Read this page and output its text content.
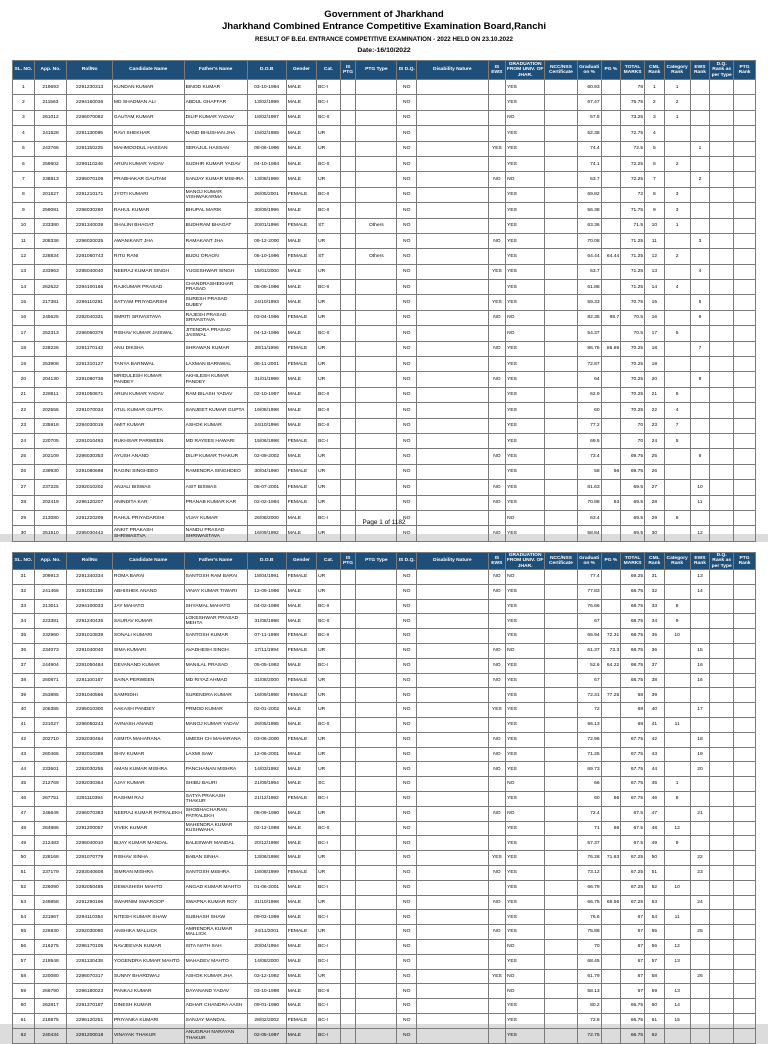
Government of Jharkhand
Jharkhand Combined Entrance Competitive Examination Board,Ranchi
RESULT OF B.Ed. ENTRANCE COMPETITIVE EXAMINATION - 2022 HELD ON 23.10.2022
Date:-16/10/2022
SL. NO.	App. No.	RollNo	Candidate Name	Father's Name	D.O.B	Gender	Cat.	IS PTG	PTG Type	IS D.Q.	Disability Nature	IS EWS	GRADUATION FROM UNIV. OF JHAR.	NCC/NSS Certificate	Graduati on %	PG %	TOTAL MARKS	CML Rank	Category Rank	EWS Rank	D.Q. Rank as per Type	PTG Rank
1	219693	2291230313	KUNDAN KUMAR	BINOD KUMAR	03-10-1994	MALE	BC-I			NO			YES		60.93		76	1	1			
2	211563	2294160036	MD SHADMAN ALI	ABDUL GHAFFAR	13/02/1999	MALE	BC-I			NO			YES		67.47		75.75	2	2			
3	261012	2296070082	GAUTAM KUMAR	DILIP KUMAR YADAV	18/02/1997	MALE	BC-II			NO			NO		57.5		73.25	3	1			
4	241528	2291130095	RAVI SHEKHAR	NAND BHUSHAN JHA	15/02/1989	MALE	UR			NO			YES		52.38		72.75	4				
5	243766	2291150225	MAHMOODUL HASSAN	SERAJUL HASSAN	08-06-1996	MALE	UR			NO		YES	YES		74.4		72.5	5		1		
6	259602	2296110246	ARUN KUMAR YADAV	SUDHIR KUMAR YADAV	04-10-1994	MALE	BC-II			NO			YES		74.1		72.25	6	2			
7	238813	2295070109	PRABHAKAR GAUTAM	SANJAY KUMAR MISHRA	13/08/1999	MALE	UR			NO		NO	NO		63.7		72.25	7		2		
8	201527	2291210171	JYOTI KUMARI	MANOJ KUMAR VISHWAKARMA	26/05/2001	FEMALE	BC-II			NO			YES		69.82		72	8	3			
9	259081	2296030260	RAHUL KUMAR	BHUPAL MARIK	30/09/1996	MALE	BC-II			NO			YES		56.38		71.75	9	3			
10	233380	2291340039	SHALINI BHAGAT	BUDHRAM BHAGAT	20/01/1996	FEMALE	ST		Others	NO			YES		63.36		71.5	10	1			
11	208336	2296020035	AWANIKANT JHA	RAMAKANT JHA	09-12-2000	MALE	UR			NO		NO	YES		70.08		71.25	11		3		
12	228834	2291060743	RITU RANI	BUDU ORAON	05-10-1996	FEMALE	ST		Others	NO			YES		64.44	64.44	71.25	12	2			
13	233963	2295040040	NEERAJ KUMAR SINGH	YUGESHWAR SINGH	15/01/2000	MALE	UR			NO		YES	YES		63.7		71.25	13		4		
14	262622	2294100166	RAJKUMAR PRASAD	CHANDRASHEKHAR PRASAD	05-09-1996	MALE	BC-II			NO			YES		61.88		71.25	14	4			
15	217381	2296110291	SATYAM PRIYADARSHI	SURESH PRASAD DUBEY	24/10/1993	MALE	UR			NO		YES	YES		59.33		70.75	15		5		
16	245625	2292040331	SMRITI SRIVASTAVA	RAJESH PRASAD SRIVASTAVA	03-04-1996	FEMALE	UR			NO		NO	NO		82.35	88.7	70.5	16		6		
17	252313	2296060376	RISHAV KUMAR JAISWAL	JITENDRA PRASAD JAISWAL	04-12-1996	MALE	BC-II			NO			NO		54.37		70.5	17	5			
18	228226	2291170143	ANU DIKSHA	SHRAWAN KUMAR	28/11/1996	FEMALE	UR			NO		NO	YES		86.75	86.69	70.25	18		7		
19	253908	2291310127	TANYA BARNWAL	LAXMAN BARNWAL	06-11-2001	FEMALE	UR			NO			YES		72.87		70.25	19				
20	204130	2291080738	MRIDULESH KUMAR PANDEY	AKHILESH KUMAR PANDEY	31/01/1999	MALE	UR			NO		NO	YES		64		70.25	20		8		
21	228611	2291050671	ARUN KUMAR YADAV	RAM BILASH YADAV	02-10-1997	MALE	BC-II			NO			YES		62.9		70.25	21	6			
22	202556	2291070034	ATUL KUMAR GUPTA	SANJEET KUMAR GUPTA	19/08/1998	MALE	BC-II			NO			YES		60		70.25	22	4			
23	235918	2294030019	AMIT KUMAR	ASHOK KUMAR	24/10/1996	MALE	BC-II			NO			YES		77.2		70	23	7			
24	220705	2291010493	RUKHSAR PARWEEN	MD RAYEES HAWARI	15/06/1998	FEMALE	BC-I			NO			YES		69.5		70	24	5			
25	202109	2296030353	AYUSH ANAND	DILIP KUMAR THAKUR	02-09-2002	MALE	UR			NO		NO	YES		73.4		69.75	25		9		
26	239930	2291080698	RAGINI SINGHDEO	RAMENDRA SINGHDEO	30/04/1990	FEMALE	UR			NO			YES		58	66	69.75	26				
27	237225	2292010202	ANJALI BISWAS	ASIT BISWAS	05-07-2001	FEMALE	UR			NO		NO	YES		81.63		69.5	27		10		
28	202419	2296120207	ANINDITA KAR	PRANAB KUMAR KAR	02-02-1994	FEMALE	UR			NO		NO	YES		70.88	63	69.5	28		11		
29	213080	2291220209	RAHUL PRIYADARSHI	VIJAY KUMAR	26/08/2000	MALE	BC-I			NO			NO		63.4		69.5	29	6			
30	251510	2295030442	ANKIT PRAKASH SHRIWASTVA	NANDU PRASAD SHRIWASTAVA	16/09/1992	MALE	UR			NO		NO	YES		58.84		69.5	30		12		
Page 1 of 1182
SL. NO.	App. No.	RollNo	Candidate Name	Father's Name	D.O.B	Gender	Cat.	IS PTG	PTG Type	IS D.Q.	Disability Nature	IS EWS	GRADUATION FROM UNIV. OF JHAR.	NCC/NSS Certificate	Graduati on %	PG %	TOTAL MARKS	CML Rank	Category Rank	EWS Rank	D.Q. Rank as per Type	PTG Rank
31	209913	2291340334	ROMA BARAI	SANTOSH RAM BARAI	18/04/1991	FEMALE	UR			NO		NO	NO		77.4		69.25	31		13		
32	241466	2291031159	ABHISHEK ANAND	VINAY KUMAR TIWARI	12-09-1996	MALE	UR			NO		NO	YES		77.83		68.75	32		14		
33	213011	2294100033	JAY MAHATO	SHYAMAL MAHATO	04-02-1998	MALE	BC-II			NO			YES		76.66		68.75	33	8			
34	223381	2291240435	SAURAV KUMAR	LOKESHWAR PRASAD MEHTA	31/08/1998	MALE	BC-II			NO			YES		67		68.75	34	9			
35	232960	2291010839	SONALI KUMARI	SANTOSH KUMAR	07-11-1998	FEMALE	BC-II			NO			YES		65.94	72.31	68.75	35	10			
36	234073	2291040040	SIMA KUMARI	AVADHESH SINGH	17/11/1994	FEMALE	UR			NO		NO	NO		61.37	73.3	68.75	36		15		
37	244904	2291050484	DEVANAND KUMAR	MANILAL PRASAD	05-05-1992	MALE	BC-I			NO		NO	YES		52.6	64.22	68.75	37		16		
38	260871	2291100167	SAINA PERWEEN	MD RIYAZ AHMAD	31/08/2000	FEMALE	UR			NO		NO	YES		67		68.75	38		16		
39	253885	2291040566	SAMRIDHI	SURENDRA KUMAR	16/09/1998	FEMALE	UR			NO			YES		72.31	77.25	68	39				
40	206385	2295010300	AAKASH PANDEY	PRMOD KUMAR	02-01-2002	MALE	UR			NO		YES	YES		72		68	40		17		
41	221027	2296050243	AVINASH ANAND	MANOJ KUMAR YADAV	26/05/1995	MALE	BC-II			NO			YES		66.13		68	41	11			
42	202710	2292030464	ASMITA MAHARANA	UMESH CH MAHARANA	03-06-2000	FEMALE	UR			NO		NO	YES		72.96		67.75	42		18		
43	260466	2292010389	SHIV KUMAR	LAXMI SAW	12-06-2001	MALE	UR			NO		NO	YES		71.25		67.75	43		19		
44	233601	2292030255	AMAN KUMAR MISHRA	PANCHANAN MISHRA	14/03/1992	MALE	UR			NO		NO	YES		69.73		67.75	44		20		
45	212769	2292030364	AJAY KUMAR	SHIBU BAURI	21/09/1994	MALE	SC			NO			NO		66		67.75	45	1			
46	267751	2291110394	RASHMI RAJ	SATYA PRAKASH THAKUR	21/12/1992	FEMALE	BC-I			NO			YES		60	66	67.75	46	8			
47	246646	2296070383	NEERAJ KUMAR PATRALEKH	SHOBHACHARAN PATRALEKH	08-09-1990	MALE	UR			NO		NO	NO		72.4		67.5	47		21		
48	264886	2291200057	VIVEK KUMAR	MAHENDRA KUMAR KUSHWAHA	02-12-1998	MALE	BC-II			NO			YES		71	68	67.5	48	12			
49	212483	2296040010	BIJAY KUMAR MANDAL	BALESWAR MANDAL	20/12/1998	MALE	BC-I			NO			YES		57.37		67.5	49	9			
50	228168	2291070779	RISHAV SINHA	BABAN SINHA	13/06/1998	MALE	UR			NO		YES	YES		76.28	71.63	67.25	50		22		
51	237179	2293040608	SIMRAN MISHRA	SANTOSH MISHRA	18/08/1999	FEMALE	UR			NO		NO	YES		73.12		67.25	51		23		
52	226090	2292050485	DEWASHISH MAHTO	ANGAD KUMAR MAHTO	01-06-2001	MALE	BC-I			NO			YES		66.79		67.25	52	10			
53	249858	2291290196	SWARNIM SWAROOP	SWAPNA KUMAR ROY	31/10/1998	MALE	UR			NO		NO	YES		66.75	69.56	67.25	53		24		
54	221967	2294110354	NITESH KUMAR SHAW	SUBHASH SHAW	09-02-1999	MALE	BC-I			NO			YES		76.6		67	54	11			
55	226830	2292030080	ANSHIKA MALLICK	AMRENDRA KUMAR MALLICK	24/11/2001	FEMALE	UR			NO		NO	YES		75.88		67	55		25		
56	216275	2296170105	NAVJEEVAN KUMAR	SITA NATH SAH	20/04/1994	MALE	BC-I			NO			NO		70		67	56	12			
57	219548	2291130438	YOGENDRA KUMAR MAHTO	MAHADEV MAHTO	14/08/2000	MALE	BC-I			NO			YES		68.45		67	57	13			
58	220080	2296070317	SUNNY BHARDWAJ	ASHOK KUMAR JHA	03-12-1992	MALE	UR			NO		YES	NO		61.79		67	58		26		
59	266790	2296180023	PANKAJ KUMAR	DAYANAND YADAV	03-10-1998	MALE	BC-II			NO			NO		58.13		67	59	13			
60	262817	2291370187	DINESH KUMAR	ADHAR CHANDRA AASH	09-01-1990	MALE	BC-I			NO			YES		80.2		66.75	60	14			
61	218875	2296120251	PRIYANKA KUMARI	SANJAY MANDAL	28/02/2002	FEMALE	BC-I			NO			YES		72.8		66.75	61	15			
62	240434	2291200018	VINAYAK THAKUR	ANUGRAH NARAYAN THAKUR	02-05-1997	MALE	BC-I			NO			YES		72.75		66.75	62				
